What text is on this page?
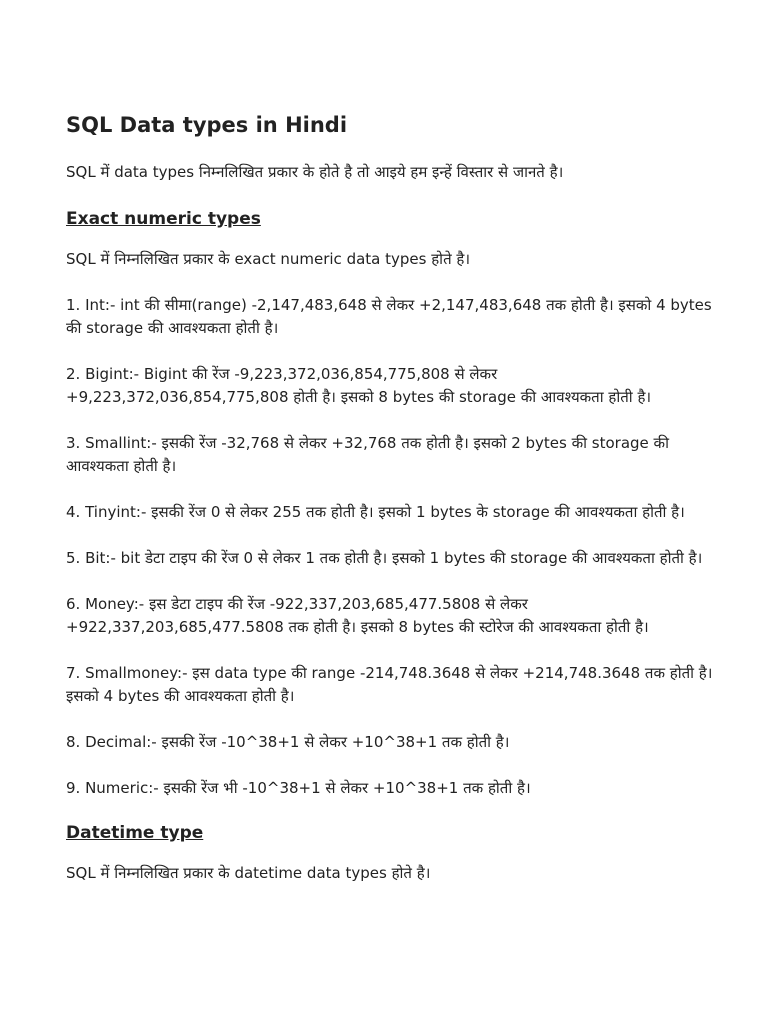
SQL Data types in Hindi

SQL में data types निम्नलिखित प्रकार के होते है तो आइये हम इन्हें विस्तार से जानते है।

Exact numeric types

SQL में निम्नलिखित प्रकार के exact numeric data types होते है।

1. Int:- int की सीमा(range) -2,147,483,648 से लेकर +2,147,483,648 तक होती है। इसको 4 bytes की storage की आवश्यकता होती है।

2. Bigint:- Bigint की रेंज -9,223,372,036,854,775,808 से लेकर +9,223,372,036,854,775,808 होती है। इसको 8 bytes की storage की आवश्यकता होती है।

3. Smallint:- इसकी रेंज -32,768 से लेकर +32,768 तक होती है। इसको 2 bytes की storage की आवश्यकता होती है।

4. Tinyint:- इसकी रेंज 0 से लेकर 255 तक होती है। इसको 1 bytes के storage की आवश्यकता होती है।

5. Bit:- bit डेटा टाइप की रेंज 0 से लेकर 1 तक होती है। इसको 1 bytes की storage की आवश्यकता होती है।

6. Money:- इस डेटा टाइप की रेंज -922,337,203,685,477.5808 से लेकर +922,337,203,685,477.5808 तक होती है। इसको 8 bytes की स्टोरेज की आवश्यकता होती है।

7. Smallmoney:- इस data type की range -214,748.3648 से लेकर +214,748.3648 तक होती है। इसको 4 bytes की आवश्यकता होती है।

8. Decimal:- इसकी रेंज -10^38+1 से लेकर +10^38+1 तक होती है।

9. Numeric:- इसकी रेंज भी -10^38+1 से लेकर +10^38+1 तक होती है।

Datetime type

SQL में निम्नलिखित प्रकार के datetime data types होते है।
